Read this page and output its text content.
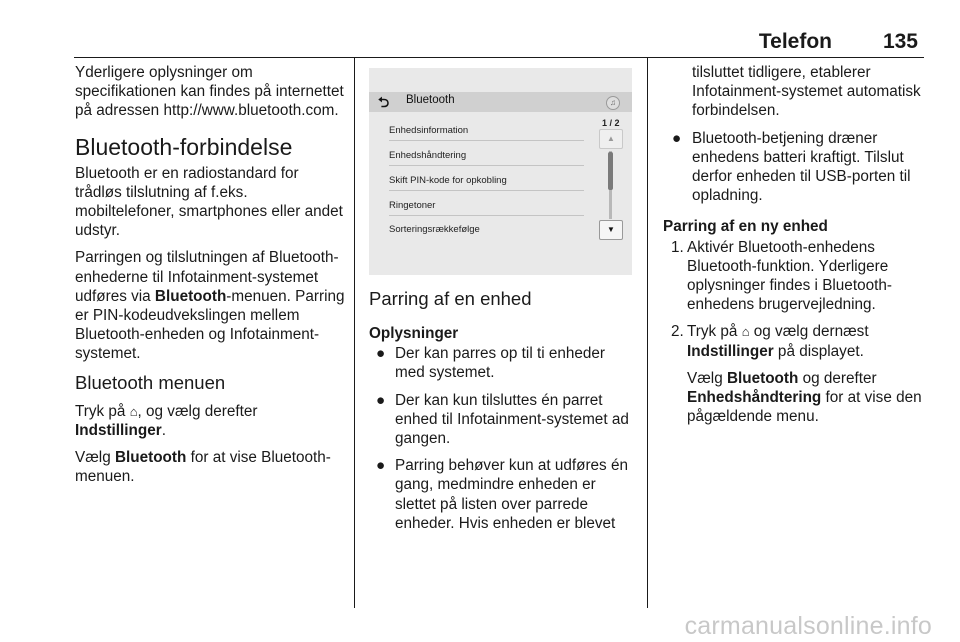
Telefon 135

Yderligere oplysninger om specifikationen kan findes på internettet på adressen http://www.bluetooth.com.

Bluetooth-forbindelse

Bluetooth er en radiostandard for trådløs tilslutning af f.eks. mobiltelefoner, smartphones eller andet udstyr.

Parringen og tilslutningen af Bluetooth-enhederne til Infotainment-systemet udføres via Bluetooth-menuen. Parring er PIN-kodeudvekslingen mellem Bluetooth-enheden og Infotainment-systemet.

Bluetooth menuen

Tryk på ⌂, og vælg derefter Indstillinger.

Vælg Bluetooth for at vise Bluetooth-menuen.

⮌ Bluetooth	♫
Enhedsinformation
Enhedshåndtering
Skift PIN-kode for opkobling
Ringetoner
Sorteringsrækkefølge
1 / 2
▲
▼
Parring af en enhed
Oplysninger
● Der kan parres op til ti enheder med systemet.
● Der kan kun tilsluttes én parret enhed til Infotainment-systemet ad gangen.
● Parring behøver kun at udføres én gang, medmindre enheden er slettet på listen over parrede enheder. Hvis enheden er blevet

tilsluttet tidligere, etablerer Infotainment-systemet automatisk forbindelsen.

● Bluetooth-betjening dræner enhedens batteri kraftigt. Tilslut derfor enheden til USB-porten til opladning.
Parring af en ny enhed
1. Aktivér Bluetooth-enhedens Bluetooth-funktion. Yderligere oplysninger findes i Bluetooth-enhedens brugervejledning.
2. Tryk på ⌂ og vælg dernæst Indstillinger på displayet.

Vælg Bluetooth og derefter Enhedshåndtering for at vise den pågældende menu.

carmanualsonline.info
